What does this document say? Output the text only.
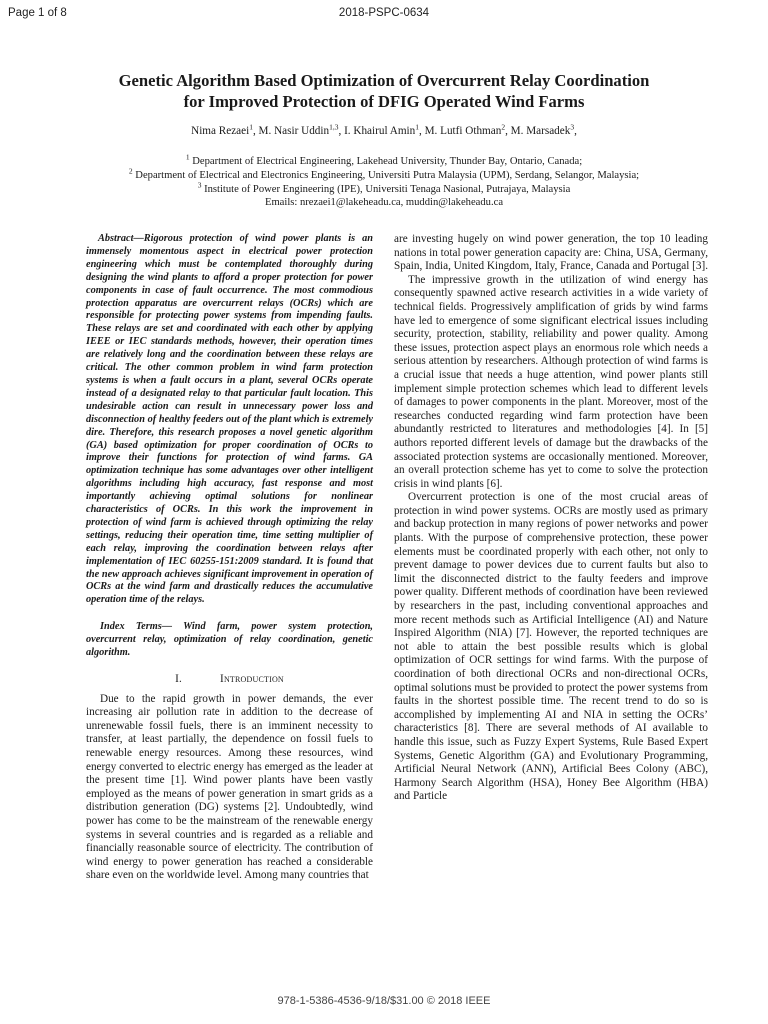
Page 1 of 8	2018-PSPC-0634
Genetic Algorithm Based Optimization of Overcurrent Relay Coordination
for Improved Protection of DFIG Operated Wind Farms
Nima Rezaei$^1$, M. Nasir Uddin$^{1,3}$, I. Khairul Amin$^1$, M. Lutfi Othman$^2$, M. Marsadek$^3$,
$^1$ Department of Electrical Engineering, Lakehead University, Thunder Bay, Ontario, Canada;
$^2$ Department of Electrical and Electronics Engineering, Universiti Putra Malaysia (UPM), Serdang, Selangor, Malaysia;
$^3$ Institute of Power Engineering (IPE), Universiti Tenaga Nasional, Putrajaya, Malaysia
Emails: nrezaei1@lakeheadu.ca, muddin@lakeheadu.ca

Abstract—Rigorous protection of wind power plants is an immensely momentous aspect in electrical power protection engineering which must be contemplated thoroughly during designing the wind plants to afford a proper protection for power components in case of fault occurrence. The most commodious protection apparatus are overcurrent relays (OCRs) which are responsible for protecting power systems from impending faults. These relays are set and coordinated with each other by applying IEEE or IEC standards methods, however, their operation times are relatively long and the coordination between these relays are critical. The other common problem in wind farm protection systems is when a fault occurs in a plant, several OCRs operate instead of a designated relay to that particular fault location. This undesirable action can result in unnecessary power loss and disconnection of healthy feeders out of the plant which is extremely dire. Therefore, this research proposes a novel genetic algorithm (GA) based optimization for proper coordination of OCRs to improve their functions for protection of wind farms. GA optimization technique has some advantages over other intelligent algorithms including high accuracy, fast response and most importantly achieving optimal solutions for nonlinear characteristics of OCRs. In this work the improvement in protection of wind farm is achieved through optimizing the relay settings, reducing their operation time, time setting multiplier of each relay, improving the coordination between relays after implementation of IEC 60255-151:2009 standard. It is found that the new approach achieves significant improvement in operation of OCRs at the wind farm and drastically reduces the accumulative operation time of the relays.

Index Terms— Wind farm, power system protection, overcurrent relay, optimization of relay coordination, genetic algorithm.

I.	Introduction

Due to the rapid growth in power demands, the ever increasing air pollution rate in addition to the decrease of unrenewable fossil fuels, there is an imminent necessity to transfer, at least partially, the dependence on fossil fuels to renewable energy resources. Among these resources, wind energy converted to electric energy has emerged as the leader at the present time [1]. Wind power plants have been vastly employed as the means of power generation in smart grids as a distribution generation (DG) systems [2]. Undoubtedly, wind power has come to be the mainstream of the renewable energy systems in several countries and is regarded as a reliable and financially reasonable source of electricity. The contribution of wind energy to power generation has reached a considerable share even on the worldwide level. Among many countries that

are investing hugely on wind power generation, the top 10 leading nations in total power generation capacity are: China, USA, Germany, Spain, India, United Kingdom, Italy, France, Canada and Portugal [3].

The impressive growth in the utilization of wind energy has consequently spawned active research activities in a wide variety of technical fields. Progressively amplification of grids by wind farms have led to emergence of some significant electrical issues including security, protection, stability, reliability and power quality. Among these issues, protection aspect plays an enormous role which needs a serious attention by researchers. Although protection of wind farms is a crucial issue that needs a huge attention, wind power plants still implement simple protection schemes which lead to different levels of damages to power components in the plant. Moreover, most of the researches conducted regarding wind farm protection have been abundantly restricted to literatures and methodologies [4]. In [5] authors reported different levels of damage but the drawbacks of the associated protection systems are occasionally mentioned. Moreover, an overall protection scheme has yet to come to solve the protection crisis in wind plants [6].

Overcurrent protection is one of the most crucial areas of protection in wind power systems. OCRs are mostly used as primary and backup protection in many regions of power networks and power plants. With the purpose of comprehensive protection, these power elements must be coordinated properly with each other, not only to prevent damage to power devices due to current faults but also to limit the disconnected district to the faulty feeders and improve power quality. Different methods of coordination have been reviewed by researchers in the past, including conventional approaches and more recent methods such as Artificial Intelligence (AI) and Nature Inspired Algorithm (NIA) [7]. However, the reported techniques are not able to attain the best possible results which is global optimization of OCR settings for wind farms. With the purpose of coordination of both directional OCRs and non-directional OCRs, optimal solutions must be provided to protect the power systems from faults in the shortest possible time. The recent trend to do so is accomplished by implementing AI and NIA in setting the OCRs’ characteristics [8]. There are several methods of AI available to handle this issue, such as Fuzzy Expert Systems, Rule Based Expert Systems, Genetic Algorithm (GA) and Evolutionary Programming, Artificial Neural Network (ANN), Artificial Bees Colony (ABC), Harmony Search Algorithm (HSA), Honey Bee Algorithm (HBA) and Particle

978-1-5386-4536-9/18/$31.00 © 2018 IEEE
